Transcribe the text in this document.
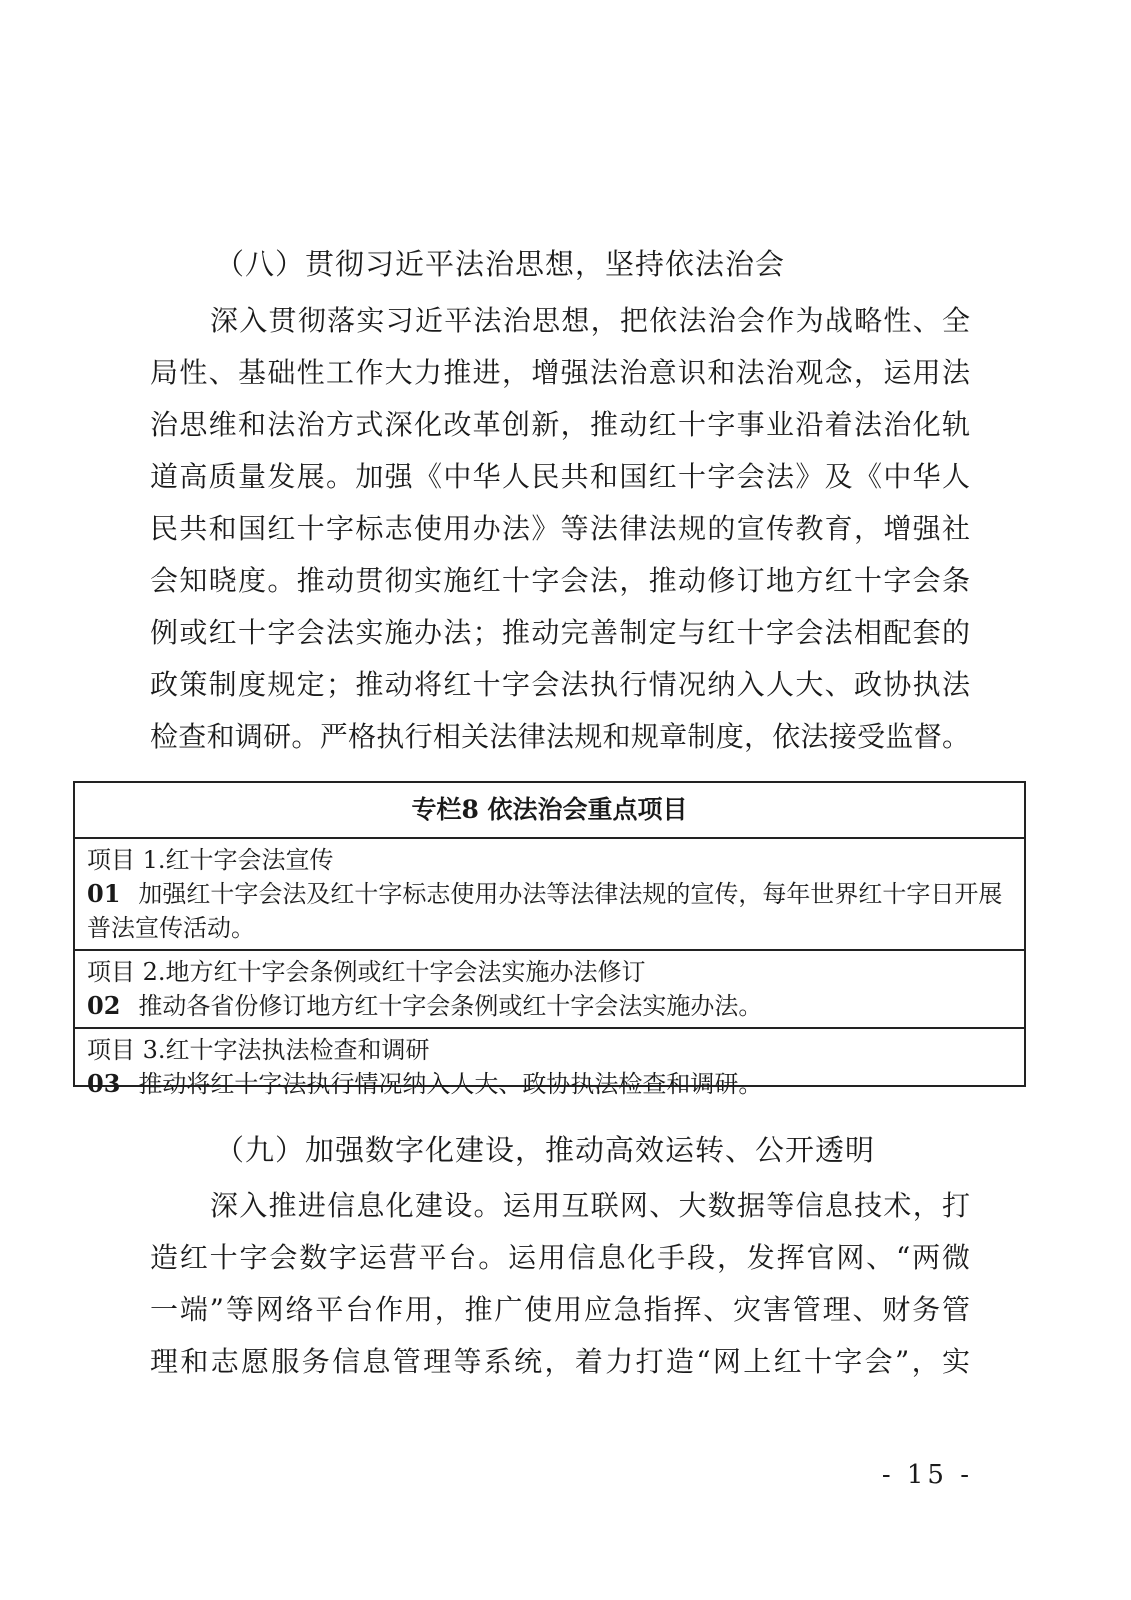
（八）贯彻习近平法治思想，坚持依法治会
深入贯彻落实习近平法治思想，把依法治会作为战略性、全
局性、基础性工作大力推进，增强法治意识和法治观念，运用法
治思维和法治方式深化改革创新，推动红十字事业沿着法治化轨
道高质量发展。加强《中华人民共和国红十字会法》及《中华人
民共和国红十字标志使用办法》等法律法规的宣传教育，增强社
会知晓度。推动贯彻实施红十字会法，推动修订地方红十字会条
例或红十字会法实施办法；推动完善制定与红十字会法相配套的
政策制度规定；推动将红十字会法执行情况纳入人大、政协执法
检查和调研。严格执行相关法律法规和规章制度，依法接受监督。
专栏8 依法治会重点项目
项目 1.红十字会法宣传
01 加强红十字会法及红十字标志使用办法等法律法规的宣传，每年世界红十字日开展普法宣传活动。
项目 2.地方红十字会条例或红十字会法实施办法修订
02 推动各省份修订地方红十字会条例或红十字会法实施办法。
项目 3.红十字法执法检查和调研
03 推动将红十字法执行情况纳入人大、政协执法检查和调研。
（九）加强数字化建设，推动高效运转、公开透明
深入推进信息化建设。运用互联网、大数据等信息技术，打
造红十字会数字运营平台。运用信息化手段，发挥官网、“两微
一端”等网络平台作用，推广使用应急指挥、灾害管理、财务管
理和志愿服务信息管理等系统，着力打造“网上红十字会”，实
- 15 -
